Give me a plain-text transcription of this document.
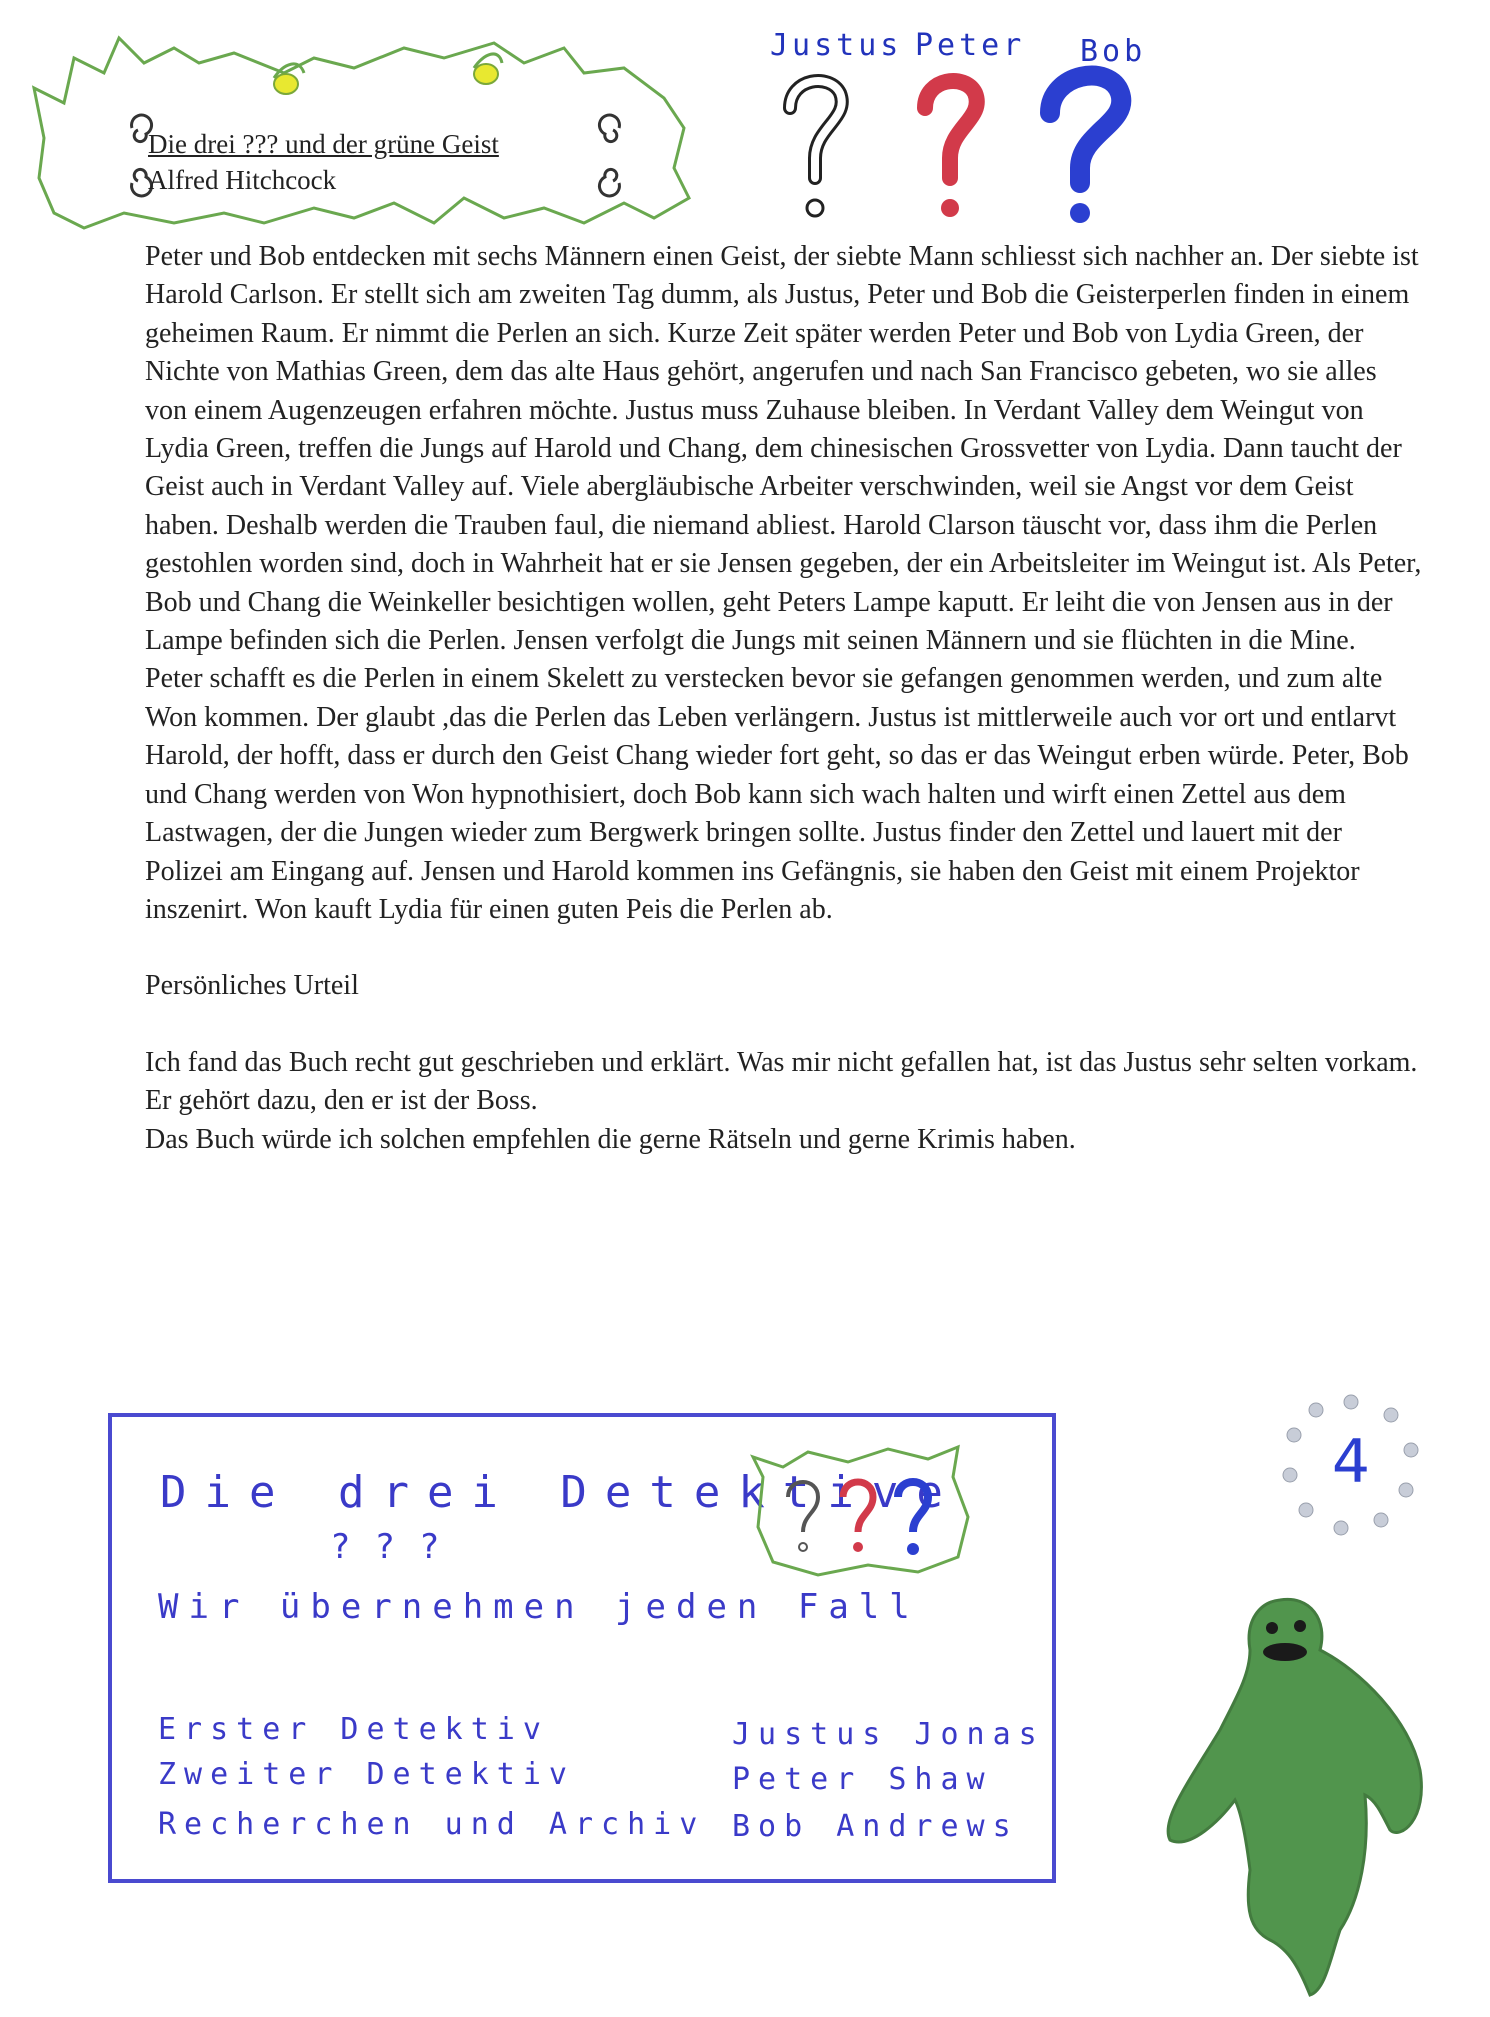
Die drei ??? und der grüne Geist
Alfred Hitchcock
Justus Peter Bob

Peter und Bob entdecken mit sechs Männern einen Geist, der siebte Mann schliesst sich nachher an. Der siebte ist Harold Carlson. Er stellt sich am zweiten Tag dumm, als Justus, Peter und Bob die Geisterperlen finden in einem geheimen Raum. Er nimmt die Perlen an sich. Kurze Zeit später werden Peter und Bob von Lydia Green, der Nichte von Mathias Green, dem das alte Haus gehört, angerufen und nach San Francisco gebeten, wo sie alles von einem Augenzeugen erfahren möchte. Justus muss Zuhause bleiben. In Verdant Valley dem Weingut von Lydia Green, treffen die Jungs auf Harold und Chang, dem chinesischen Grossvetter von Lydia. Dann taucht der Geist auch in Verdant Valley auf. Viele abergläubische Arbeiter verschwinden, weil sie Angst vor dem Geist haben. Deshalb werden die Trauben faul, die niemand abliest. Harold Clarson täuscht vor, dass ihm die Perlen gestohlen worden sind, doch in Wahrheit hat er sie Jensen gegeben, der ein Arbeitsleiter im Weingut ist. Als Peter, Bob und Chang die Weinkeller besichtigen wollen, geht Peters Lampe kaputt. Er leiht die von Jensen aus in der Lampe befinden sich die Perlen. Jensen verfolgt die Jungs mit seinen Männern und sie flüchten in die Mine.

Peter schafft es die Perlen in einem Skelett zu verstecken bevor sie gefangen genommen werden, und zum alte Won kommen. Der glaubt ,das die Perlen das Leben verlängern. Justus ist mittlerweile auch vor ort und entlarvt Harold, der hofft, dass er durch den Geist Chang wieder fort geht, so das er das Weingut erben würde. Peter, Bob und Chang werden von Won hypnothisiert, doch Bob kann sich wach halten und wirft einen Zettel aus dem Lastwagen, der die Jungen wieder zum Bergwerk bringen sollte. Justus finder den Zettel und lauert mit der Polizei am Eingang auf. Jensen und Harold kommen ins Gefängnis, sie haben den Geist mit einem Projektor inszenirt. Won kauft Lydia für einen guten Peis die Perlen ab.

Persönliches Urteil

Ich fand das Buch recht gut geschrieben und erklärt. Was mir nicht gefallen hat, ist das Justus sehr selten vorkam. Er gehört dazu, den er ist der Boss.

Das Buch würde ich solchen empfehlen die gerne Rätseln und gerne Krimis haben.

Die drei Detektive
???
Wir übernehmen jeden Fall
Erster Detektiv
Zweiter Detektiv
Recherchen und Archiv
Justus Jonas
Peter Shaw
Bob Andrews
4
